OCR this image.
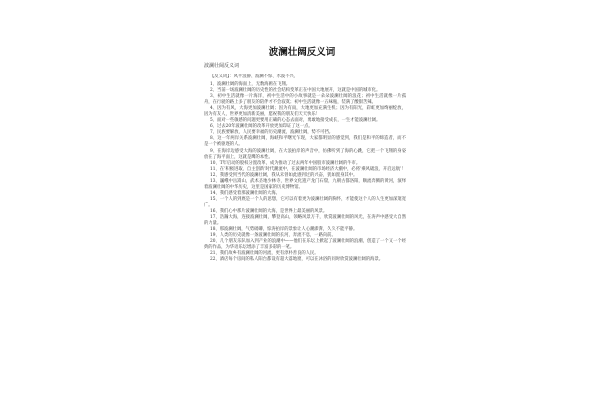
波澜壮阔反义词
波澜壮阔反义词
【反义词】：风平浪静、波澜不惊、水波不兴、
1、波澜壮阔的海面上，无数海鸥在飞翔。
2、当前一场波澜壮阔的历史性的社会结构变革正在中国大地展开，这就是中国的城市化。
3、初中生活就像一片海洋，初中生活中的小故事就是一朵朵波澜壮阔的浪花；初中生活就像一片孤舟，在行驶的路上多了朋友的陪伴才不会寂寞；初中生活就像一五味瓶，装满了酸甜苦辣。
4、因为有风，大海更加波澜壮阔；因为有雨，大地更加充满生机；因为有阳光，彩虹更加绚丽绽放，因为有友人，世界更加清新美丽，愿祝我的朋友们天天快乐！
5、面对一些敏感的问题更要用正确的心态去面对，勇敢地接受成长，一生才能波澜壮阔。
6、过去20年波澜壮阔的改革开放更加印证了这一点。
7、民族要解放，人民要幸福的历史潮流，波澜壮阔，势不可挡。
8、这一年两岸关系波澜壮阔，海峡和平曙光乍现，大家都明显的感觉到，我们是和平的缔造者，而不是一个被驱逐的人。
9、在海岸边感受大海的波澜壮阔，在大浪拍岸的声音中，仿佛听到了海的心跳，它把一个飞翔的身姿放在了海平面上，这就是鹰的本性。
10、T年启动的股权分置改革，成为推动了过去两年中国股市波澜壮阔的牛市。
11、在‘积极进取、自主创新’时代潮流中，在波澜壮阔的市场经济大潮中，必将‘乘风破浪，开启远航’！
12、我感受到当代的波澜壮阔，我从未曾如此感到过的兴奋，犹如置身其中。
13、巍峨中岳嵩山，武术圣地少林寺，世界文化遗产龙门石窟，九朝古都洛阳，顺流奔腾的黄河，演绎着波澜壮阔的中华历史，这里是国家的历史博物馆。
14、我们感受着那波澜壮阔的大海。
15、一个人的到底是一个人的思想，它可以有着更为波澜壮阔的胸怀，才能使这个人的人生更加深邃宽广。
16、我们心中那片波澜壮阔的大海，是世界上最美丽的风景。
17、浩瀚大海，连接波澜壮阔，攀登高山，领略风景万千，欣赏波澜壮阔的风光，在涛声中感受大自然的力量。
18、那波澜壮阔，气势磅礴，惊涛拍岸的景象让人心潮澎湃，久久不能平静。
19、人类的历史就像一条波澜壮阔的长河，奔流不息，一路向前。
20、几个朋友乐队加入到产业的浪潮中——他们在乐坛上掀起了波澜壮阔的浪潮，创造了一个又一个经典的作品，为华语乐坛增添了丰富多彩的一笔。
21、我们故乡有波澜壮阔的河流，更有淳朴善良的人民。
22、酒店每个房间的私人阳台都设有超大落地窗，可以在沐浴的同时欣赏波澜壮阔的海景。
